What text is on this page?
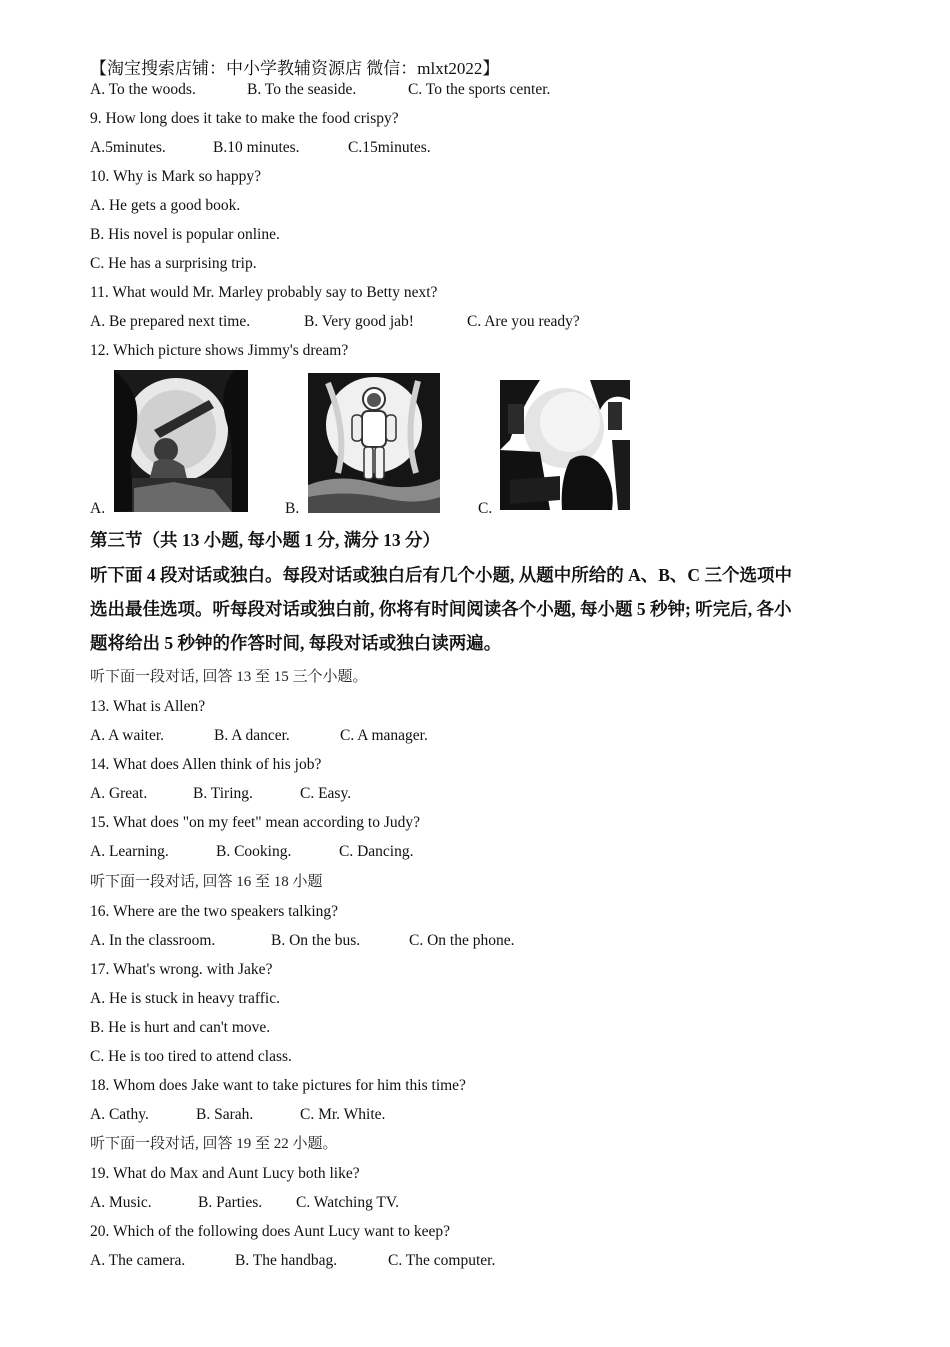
【淘宝搜索店铺：中小学教辅资源店 微信：mlxt2022】
A. To the woods.	B. To the seaside.	C. To the sports center.
9. How long does it take to make the food crispy?
A.5minutes.	B.10 minutes.	C.15minutes.
10. Why is Mark so happy?
A. He gets a good book.
B. His novel is popular online.
C. He has a surprising trip.
11. What would Mr. Marley probably say to Betty next?
A. Be prepared next time.	B. Very good jab!	C. Are you ready?
12. Which picture shows Jimmy's dream?
A.	B.	C.
第三节（共 13 小题, 每小题 1 分, 满分 13 分）
听下面 4 段对话或独白。每段对话或独白后有几个小题, 从题中所给的 A、B、C 三个选项中
选出最佳选项。听每段对话或独白前, 你将有时间阅读各个小题, 每小题 5 秒钟; 听完后, 各小
题将给出 5 秒钟的作答时间, 每段对话或独白读两遍。
听下面一段对话, 回答 13 至 15 三个小题。
13. What is Allen?
A. A waiter.	B. A dancer.	C. A manager.
14. What does Allen think of his job?
A. Great.	B. Tiring.	C. Easy.
15. What does "on my feet" mean according to Judy?
A. Learning.	B. Cooking.	C. Dancing.
听下面一段对话, 回答 16 至 18 小题
16. Where are the two speakers talking?
A. In the classroom.	B. On the bus.	C. On the phone.
17. What's wrong. with Jake?
A. He is stuck in heavy traffic.
B. He is hurt and can't move.
C. He is too tired to attend class.
18. Whom does Jake want to take pictures for him this time?
A. Cathy.	B. Sarah.	C. Mr. White.
听下面一段对话, 回答 19 至 22 小题。
19. What do Max and Aunt Lucy both like?
A. Music.	B. Parties. C. Watching TV.
20. Which of the following does Aunt Lucy want to keep?
A. The camera.	B. The handbag.	C. The computer.
